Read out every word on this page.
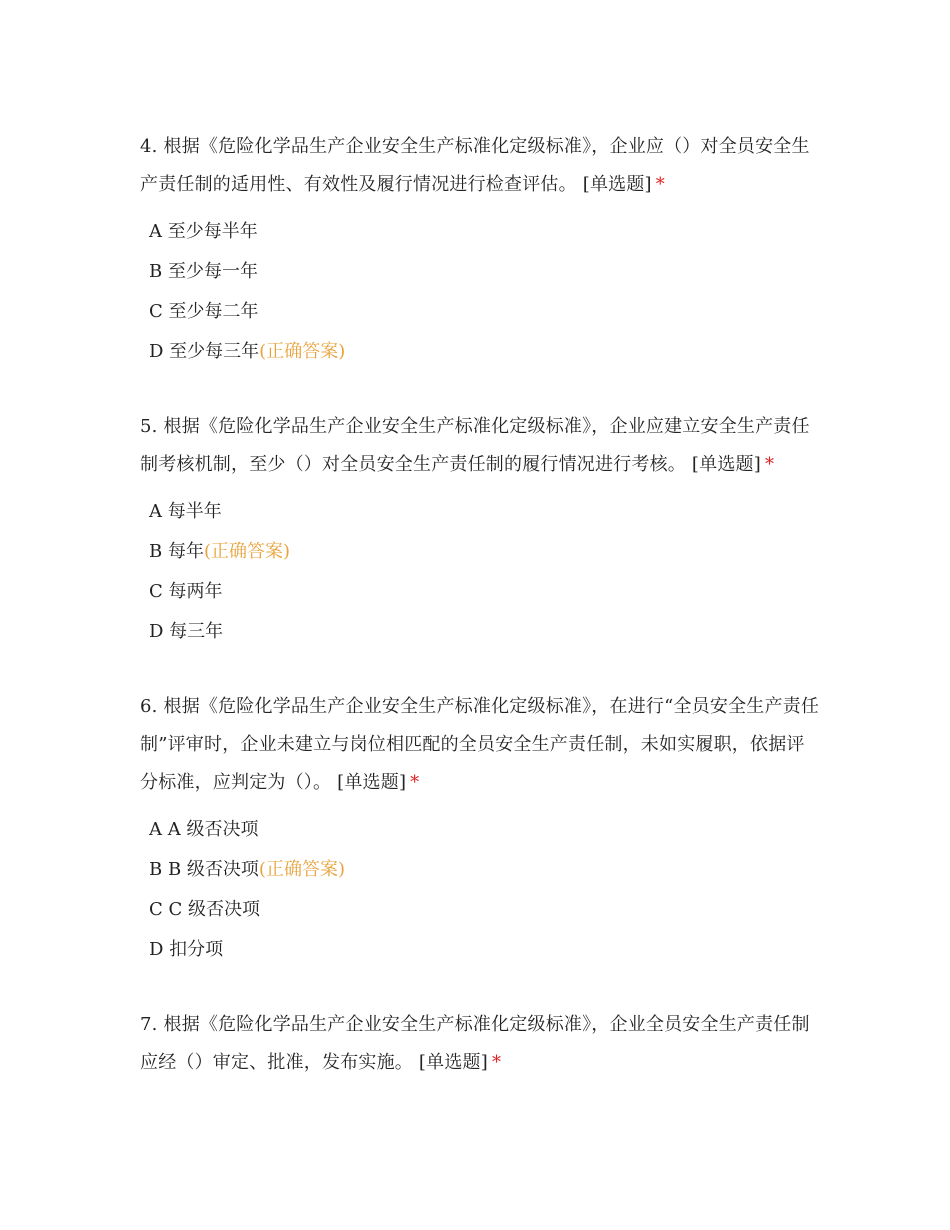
4. 根据《危险化学品生产企业安全生产标准化定级标准》，企业应（）对全员安全生产责任制的适用性、有效性及履行情况进行检查评估。 [单选题] *

A 至少每半年
B 至少每一年
C 至少每二年
D 至少每三年(正确答案)

5. 根据《危险化学品生产企业安全生产标准化定级标准》，企业应建立安全生产责任制考核机制，至少（）对全员安全生产责任制的履行情况进行考核。 [单选题] *

A 每半年
B 每年(正确答案)
C 每两年
D 每三年

6. 根据《危险化学品生产企业安全生产标准化定级标准》，在进行“全员安全生产责任制”评审时，企业未建立与岗位相匹配的全员安全生产责任制，未如实履职，依据评分标准，应判定为（）。 [单选题] *

A A 级否决项
B B 级否决项(正确答案)
C C 级否决项
D 扣分项

7. 根据《危险化学品生产企业安全生产标准化定级标准》，企业全员安全生产责任制应经（）审定、批准，发布实施。 [单选题] *
